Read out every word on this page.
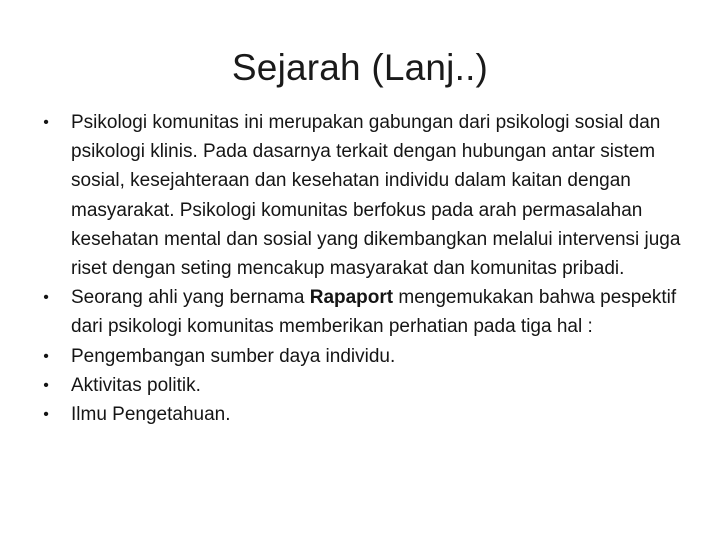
Sejarah (Lanj..)
• Psikologi komunitas ini merupakan gabungan dari psikologi sosial dan psikologi klinis. Pada dasarnya terkait dengan hubungan antar sistem sosial, kesejahteraan dan kesehatan individu dalam kaitan dengan masyarakat. Psikologi komunitas berfokus pada arah permasalahan kesehatan mental dan sosial yang dikembangkan melalui intervensi juga riset dengan seting mencakup masyarakat dan komunitas pribadi.
• Seorang ahli yang bernama Rapaport mengemukakan bahwa pespektif dari psikologi komunitas memberikan perhatian pada tiga hal :
• Pengembangan sumber daya individu.
• Aktivitas politik.
• Ilmu Pengetahuan.
